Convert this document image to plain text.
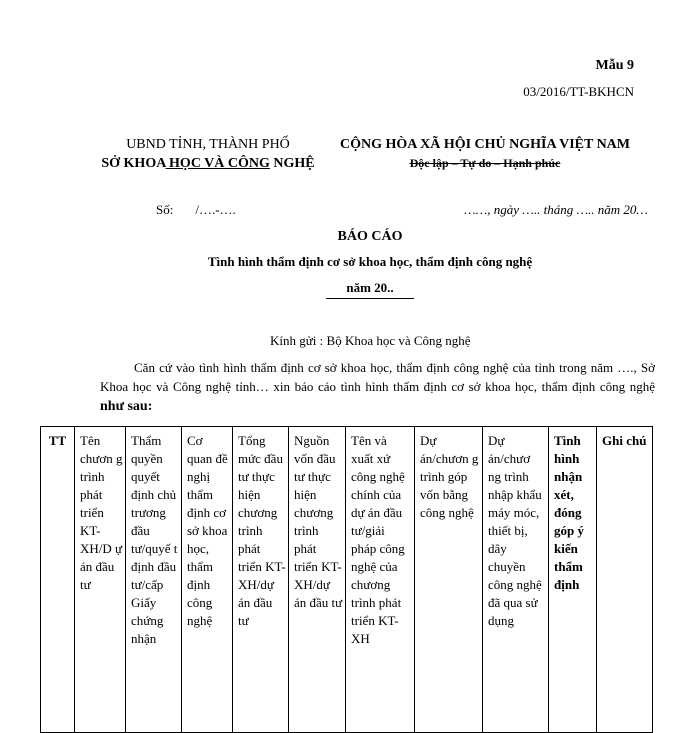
Mẫu 9
03/2016/TT-BKHCN
UBND TỈNH, THÀNH PHỐ
SỞ KHOA HỌC VÀ CÔNG NGHỆ
CỘNG HÒA XÃ HỘI CHỦ NGHĨA VIỆT NAM
Độc lập – Tự do – Hạnh phúc
Số: /….-….	……, ngày ….. tháng ….. năm 20…
BÁO CÁO
Tình hình thẩm định cơ sở khoa học, thẩm định công nghệ
năm 20..
Kính gửi : Bộ Khoa học và Công nghệ
Căn cứ vào tình hình thẩm định cơ sở khoa học, thẩm định công nghệ của tỉnh trong năm …., Sở Khoa học và Công nghệ tỉnh… xin báo cáo tình hình thẩm định cơ sở khoa học, thẩm định công nghệ như sau:
TT	Tên chươn g trình phát triển KT-XH/D ự án đầu tư	Thẩm quyền quyết định chủ trương đầu tư/quyế t định đầu tư/cấp Giấy chứng nhận	Cơ quan đề nghị thẩm định cơ sở khoa học, thẩm định công nghệ	Tổng mức đầu tư thực hiện chương trình phát triển KT-XH/dự án đầu tư	Nguồn vốn đầu tư thực hiện chương trình phát triển KT-XH/dự án đầu tư	Tên và xuất xứ công nghệ chính của dự án đầu tư/giải pháp công nghệ của chương trình phát triển KT-XH	Dự án/chươn g trình góp vốn bằng công nghệ	Dự án/chươ ng trình nhập khẩu máy móc, thiết bị, dây chuyền công nghệ đã qua sử dụng	Tình hình nhận xét, đóng góp ý kiến thẩm định	Ghi chú
